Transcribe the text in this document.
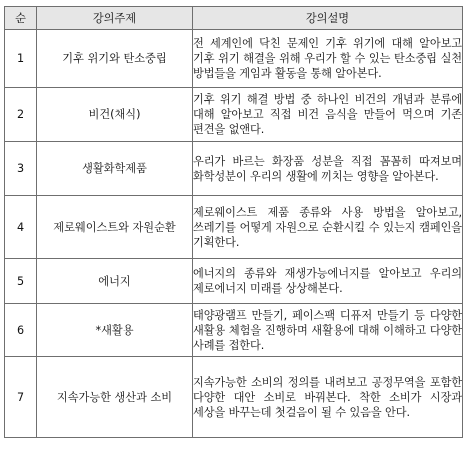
순	강의주제	강의설명
1	기후 위기와 탄소중립	전 세계인에 닥친 문제인 기후 위기에 대해 알아보고 기후 위기 해결을 위해 우리가 할 수 있는 탄소중립 실천 방법들을 게임과 활동을 통해 알아본다.
2	비건(채식)	기후 위기 해결 방법 중 하나인 비건의 개념과 분류에 대해 알아보고 직접 비건 음식을 만들어 먹으며 기존 편견을 없앤다.
3	생활화학제품	우리가 바르는 화장품 성분을 직접 꼼꼼히 따져보며 화학성분이 우리의 생활에 끼치는 영향을 알아본다.
4	제로웨이스트와 자원순환	제로웨이스트 제품 종류와 사용 방법을 알아보고, 쓰레기를 어떻게 자원으로 순환시킬 수 있는지 캠페인을 기획한다.
5	에너지	에너지의 종류와 재생가능에너지를 알아보고 우리의 제로에너지 미래를 상상해본다.
6	*새활용	태양광램프 만들기, 페이스팩 디퓨저 만들기 등 다양한 새활용 체험을 진행하며 새활용에 대해 이해하고 다양한 사례를 접한다.
7	지속가능한 생산과 소비	지속가능한 소비의 정의를 내려보고 공정무역을 포함한 다양한 대안 소비로 바꿔본다. 착한 소비가 시장과 세상을 바꾸는데 첫걸음이 될 수 있음을 안다.
